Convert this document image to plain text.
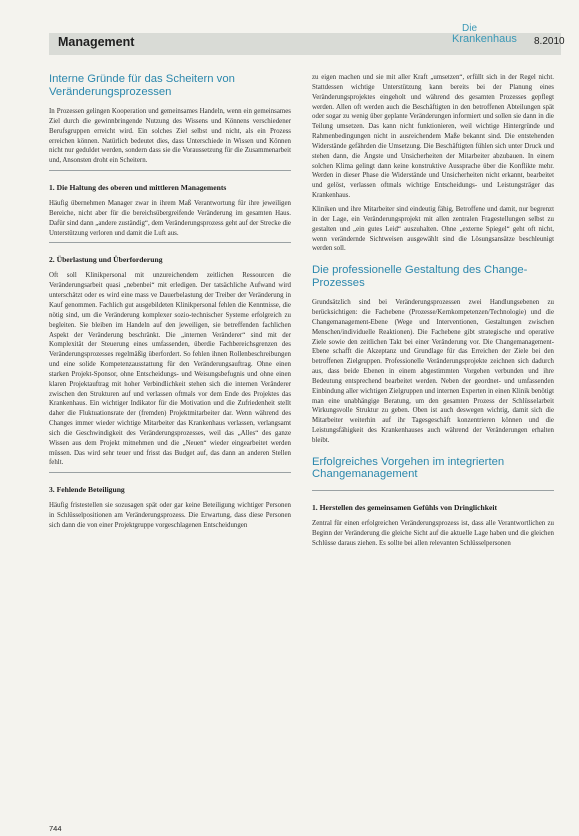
Management
Die
Krankenhaus 8.2010
Interne Gründe für das Scheitern von Veränderungsprozessen

In Prozessen gelingen Kooperation und gemeinsames Handeln, wenn ein gemeinsames Ziel durch die gewinnbringende Nutzung des Wissens und Könnens verschiedener Berufsgruppen erreicht wird. Ein solches Ziel selbst und nicht, als ein Prozess erreichen können. Natürlich bedeutet dies, dass Unterschiede in Wissen und Können nicht nur geduldet werden, sondern dass sie die Voraussetzung für die Zusammenarbeit und, Ansonsten droht ein Scheitern.

1. Die Haltung des oberen und mittleren Managements

Häufig übernehmen Manager zwar in ihrem Maß Verantwortung für ihre jeweiligen Bereiche, nicht aber für die bereichsübergreifende Veränderung im gesamten Haus. Dafür sind dann „andere zuständig“, dem Veränderungsprozess geht auf der Strecke die Unterstützung verloren und damit die Luft aus.

2. Überlastung und Überforderung

Oft soll Klinikpersonal mit unzureichendem zeitlichen Ressourcen die Veränderungsarbeit quasi „nebenbei“ mit erledigen. Der tatsächliche Aufwand wird unterschätzt oder es wird eine mass ve Dauerbelastung der Treiber der Veränderung in Kauf genommen. Fachlich gut ausgebildeten Klinikpersonal fehlen die Kenntnisse, die nötig sind, um die Veränderung komplexer sozio-technischer Systeme erfolgreich zu begleiten. Sie bleiben im Handeln auf den jeweiligen, sie betreffenden fachlichen Aspekt der Veränderung beschränkt. Die „internen Veränderer“ sind mit der Komplexität der Steuerung eines umfassenden, überdie Fachbereichsgrenzen des Veränderungsprozesses regelmäßig überfordert. So fehlen ihnen Rollenbeschreibungen und eine solide Kompetenzausstattung für den Veränderungsauftrag. Ohne einen starken Projekt-Sponsor, ohne Entscheidungs- und Weisungsbefugnis und ohne einen klaren Projektauftrag mit hoher Verbindlichkeit stehen sich die internen Veränderer zwischen den Strukturen auf und verlassen oftmals vor dem Ende des Projektes das Krankenhaus. Ein wichtiger Indikator für die Motivation und die Zufriedenheit stellt daher die Fluktuationsrate der (fremden) Projektmitarbeiter dar. Wenn während des Changes immer wieder wichtige Mitarbeiter das Krankenhaus verlassen, verlangsamt sich die Geschwindigkeit des Veränderungsprozesses, weil das „Alles“ des ganze Wissen aus dem Projekt mitnehmen und die „Neuen“ wieder eingearbeitet werden müssen. Das wird sehr teuer und frisst das Budget auf, das dann an anderen Stellen fehlt.

3. Fehlende Beteiligung

Häufig fristestellen sie sozusagen spät oder gar keine Beteiligung wichtiger Personen in Schlüsselpositionen am Veränderungsprozess. Die Erwartung, dass diese Personen sich dann die von einer Projektgruppe vorgeschlagenen Entscheidungen

zu eigen machen und sie mit aller Kraft „umsetzen“, erfüllt sich in der Regel nicht. Stattdessen wichtige Unterstützung kann bereits bei der Planung eines Veränderungsprojektes eingeholt und während des gesamten Prozesses gepflegt werden. Allen oft werden auch die Beschäftigten in den betroffenen Abteilungen spät oder sogar zu wenig über geplante Veränderungen informiert und sollen sie dann in die Teilung umsetzen. Das kann nicht funktionieren, weil wichtige Hintergründe und Rahmenbedingungen nicht in ausreichendem Maße bekannt sind. Die entstehenden Widerstände gefährden die Umsetzung. Die Beschäftigten fühlen sich unter Druck und stehen dann, die Ängste und Unsicherheiten der Mitarbeiter abzubauen. In einem solchen Klima gelingt dann keine konstruktive Aussprache über die Konflikte mehr. Werden in dieser Phase die Widerstände und Unsicherheiten nicht erkannt, bearbeitet und gelöst, verlassen oftmals wichtige Entscheidungs- und Leistungsträger das Krankenhaus.

Kliniken und ihre Mitarbeiter sind eindeutig fähig, Betroffene und damit, nur begrenzt in der Lage, ein Veränderungsprojekt mit allen zentralen Fragestellungen selbst zu gestalten und „ein gutes Leid“ auszuhalten. Ohne „externe Spiegel“ geht oft nicht, wenn verändernde Sichtweisen ausgewählt sind die Lösungsansätze beschleunigt werden soll.

Die professionelle Gestaltung des Change-Prozesses

Grundsätzlich sind bei Veränderungsprozessen zwei Handlungsebenen zu berücksichtigen: die Fachebene (Prozesse/Kernkompetenzen/Technologie) und die Changemanagement-Ebene (Wege und Interventionen, Gestaltungen zwischen Menschen/individuelle Reaktionen). Die Fachebene gibt strategische und operative Ziele sowie den zeitlichen Takt bei einer Veränderung vor. Die Changemanagement-Ebene schafft die Akzeptanz und Grundlage für das Erreichen der Ziele bei den betroffenen Zielgruppen. Professionelle Veränderungsprojekte zeichnen sich dadurch aus, dass beide Ebenen in einem abgestimmten Vorgehen verbunden und ihre Bedeutung entsprechend bearbeitet werden. Neben der geordnet- und umfassenden Einbindung aller wichtigen Zielgruppen und internen Experten in einen Klinik benötigt man eine unabhängige Beratung, um den gesamten Prozess der Schlüsselarbeit Wirkungsvolle Struktur zu geben. Oben ist auch deswegen wichtig, damit sich die Mitarbeiter weiterhin auf ihr Tagesgeschäft konzentrieren können und die Leistungsfähigkeit des Krankenhauses auch während der Veränderungen erhalten bleibt.

Erfolgreiches Vorgehen im integrierten Changemanagement
1. Herstellen des gemeinsamen Gefühls von Dringlichkeit

Zentral für einen erfolgreichen Veränderungsprozess ist, dass alle Verantwortlichen zu Beginn der Veränderung die gleiche Sicht auf die aktuelle Lage haben und die gleichen Schlüsse daraus ziehen. Es sollte bei allen relevanten Schlüsselpersonen

744
